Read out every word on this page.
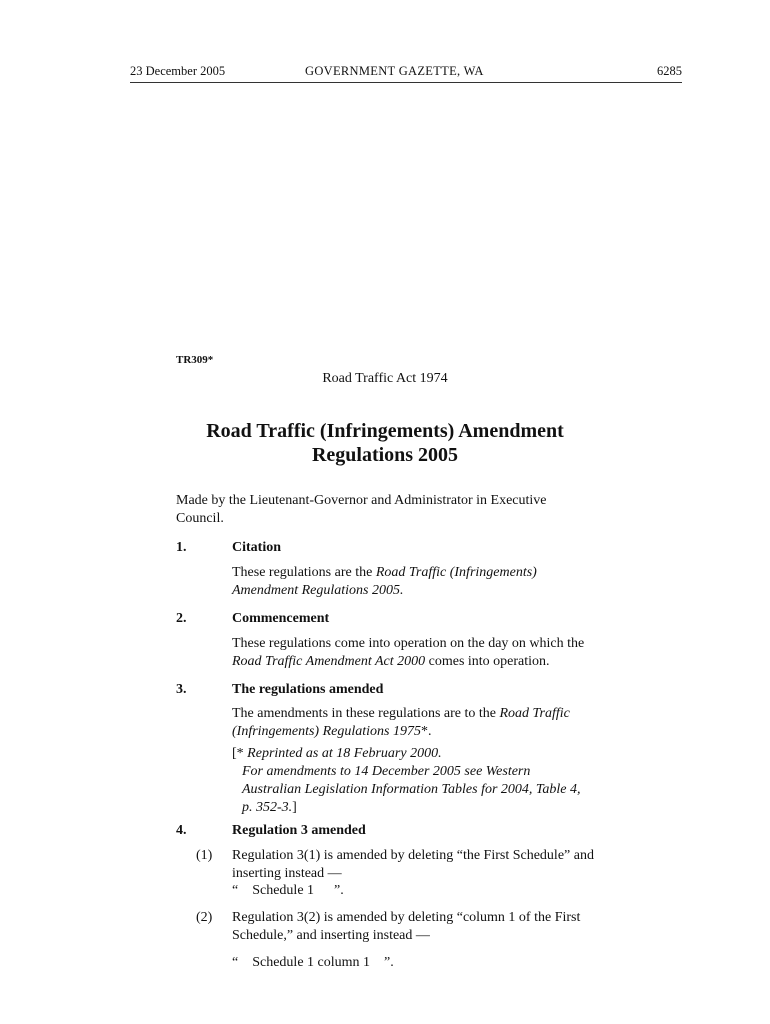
23 December 2005	GOVERNMENT GAZETTE, WA	6285
TR309*
Road Traffic Act 1974
Road Traffic (Infringements) Amendment
Regulations 2005
Made by the Lieutenant-Governor and Administrator in Executive
Council.
1.	Citation
These regulations are the Road Traffic (Infringements)
Amendment Regulations 2005.
2.	Commencement
These regulations come into operation on the day on which the
Road Traffic Amendment Act 2000 comes into operation.
3.	The regulations amended
The amendments in these regulations are to the Road Traffic
(Infringements) Regulations 1975*.
[* Reprinted as at 18 February 2000.
For amendments to 14 December 2005 see Western
Australian Legislation Information Tables for 2004, Table 4,
p. 352-3.]
4.	Regulation 3 amended
(1) Regulation 3(1) is amended by deleting “the First Schedule” and
inserting instead —
“ Schedule 1 ”.
(2) Regulation 3(2) is amended by deleting “column 1 of the First
Schedule,” and inserting instead —
“ Schedule 1 column 1 ”.
